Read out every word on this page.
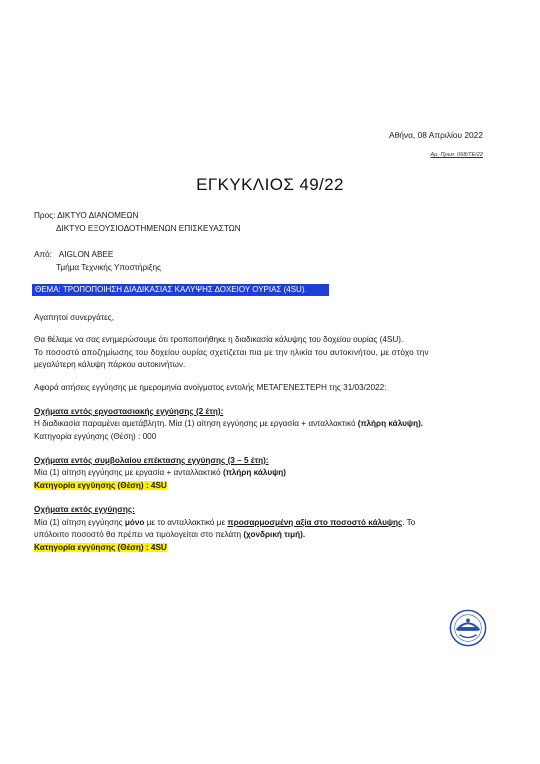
Αθήνα, 08 Απριλίου 2022
Αρ. Πρωτ. 068/ΤΕ/22
ΕΓΚΥΚΛΙΟΣ 49/22
Προς: ΔΙΚΤΥΟ ΔΙΑΝΟΜΕΩΝ
ΔΙΚΤΥΟ ΕΞΟΥΣΙΟΔΟΤΗΜΕΝΩΝ ΕΠΙΣΚΕΥΑΣΤΩΝ
Από: AIGLON ABEE
Τμήμα Τεχνικής Υποστήριξης
ΘΕΜΑ: ΤΡΟΠΟΠΟΙΗΣΗ ΔΙΑΔΙΚΑΣΙΑΣ ΚΑΛΥΨΗΣ ΔΟΧΕΙΟΥ ΟΥΡΙΑΣ (4SU).
Αγαπητοί συνεργάτες,
Θα θέλαμε να σας ενημερώσουμε ότι τροποποιήθηκε η διαδικασία κάλυψης του δοχείου ουρίας (4SU).
Το ποσοστό αποζημίωσης του δοχείου ουρίας σχετίζεται πια με την ηλικία του αυτοκινήτου, με στόχο την
μεγαλύτερη κάλυψη πάρκου αυτοκινήτων.
Αφορά αιτήσεις εγγύησης με ημερομηνία ανοίγματος εντολής ΜΕΤΑΓΕΝΕΣΤΕΡΗ της 31/03/2022:
Οχήματα εντός εργοστασιακής εγγύησης (2 έτη):
Η διαδικασία παραμένει αμετάβλητη. Μία (1) αίτηση εγγύησης με εργασία + ανταλλακτικό (πλήρη κάλυψη).
Κατηγορία εγγύησης (Θέση) : 000
Οχήματα εντός συμβολαίου επέκτασης εγγύησης (3 – 5 έτη):
Μία (1) αίτηση εγγύησης με εργασία + ανταλλακτικό (πλήρη κάλυψη)
Κατηγορία εγγύησης (Θέση) : 4SU
Οχήματα εκτός εγγύησης:
Μία (1) αίτηση εγγύησης μόνο με το ανταλλακτικό με προσαρμοσμένη αξία στο ποσοστό κάλυψης. Το
υπόλοιπο ποσοστό θα πρέπει να τιμολογείται στο πελάτη (χονδρική τιμή).
Κατηγορία εγγύησης (Θέση) : 4SU
